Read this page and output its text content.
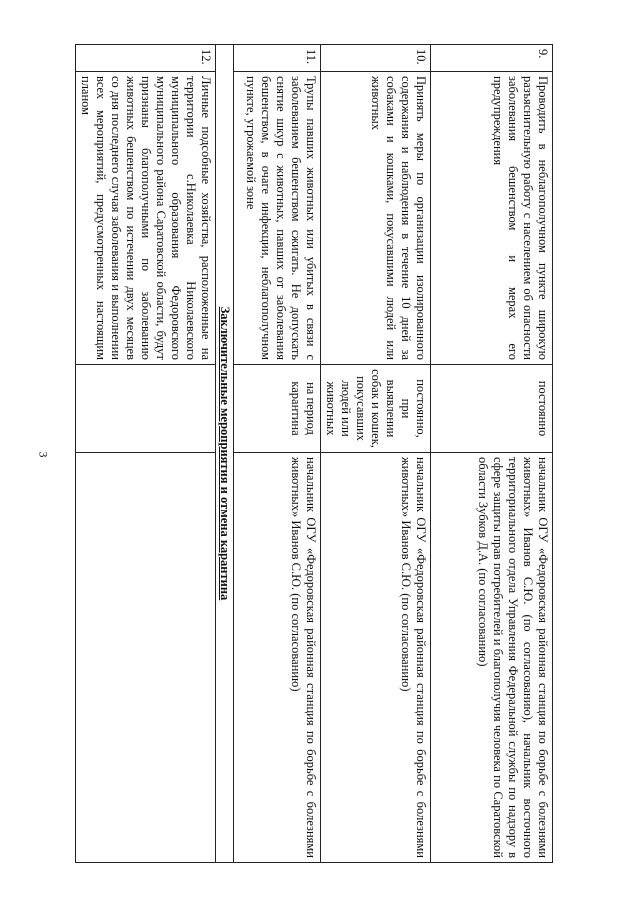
3
9.	Проводить в неблагополучном пункте широкую разъяснительную работу с населением об опасности заболевания бешенством и мерах его предупреждения	постоянно	начальник ОГУ «Федоровская районная станция по борьбе с болезнями животных» Иванов С.Ю. (по согласованию), начальник восточного территориального отдела Управления Федеральной службы по надзору в сфере защиты прав потребителей и благополучия человека по Саратовской области Зубков Д.А. (по согласованию)
10.	Принять меры по организации изолированного содержания и наблюдения в течение 10 дней за собаками и кошками, покусавшими людей или животных	постоянно, при выявлении собак и кошек, покусавших людей или животных	начальник ОГУ «Федоровская районная станция по борьбе с болезнями животных» Иванов С.Ю. (по согласованию)
11.	Трупы павших животных или убитых в связи с заболеванием бешенством сжигать. Не допускать снятие шкур с животных, павших от заболевания бешенством, в очаге инфекции, неблагополучном пункте, угрожаемой зоне	на период карантина	начальник ОГУ «Федоровская районная станция по борьбе с болезнями животных» Иванов С.Ю. (по согласованию)
Заключительные мероприятия и отмена карантина			
12.	Личные подсобные хозяйства, расположенные на территории с.Николаевка Николаевского муниципального образования Федоровского муниципального района Саратовской области, будут признаны благополучными по заболеванию животных бешенством по истечении двух месяцев со дня последнего случая заболевания и выполнении всех мероприятий, предусмотренных настоящим планом		
